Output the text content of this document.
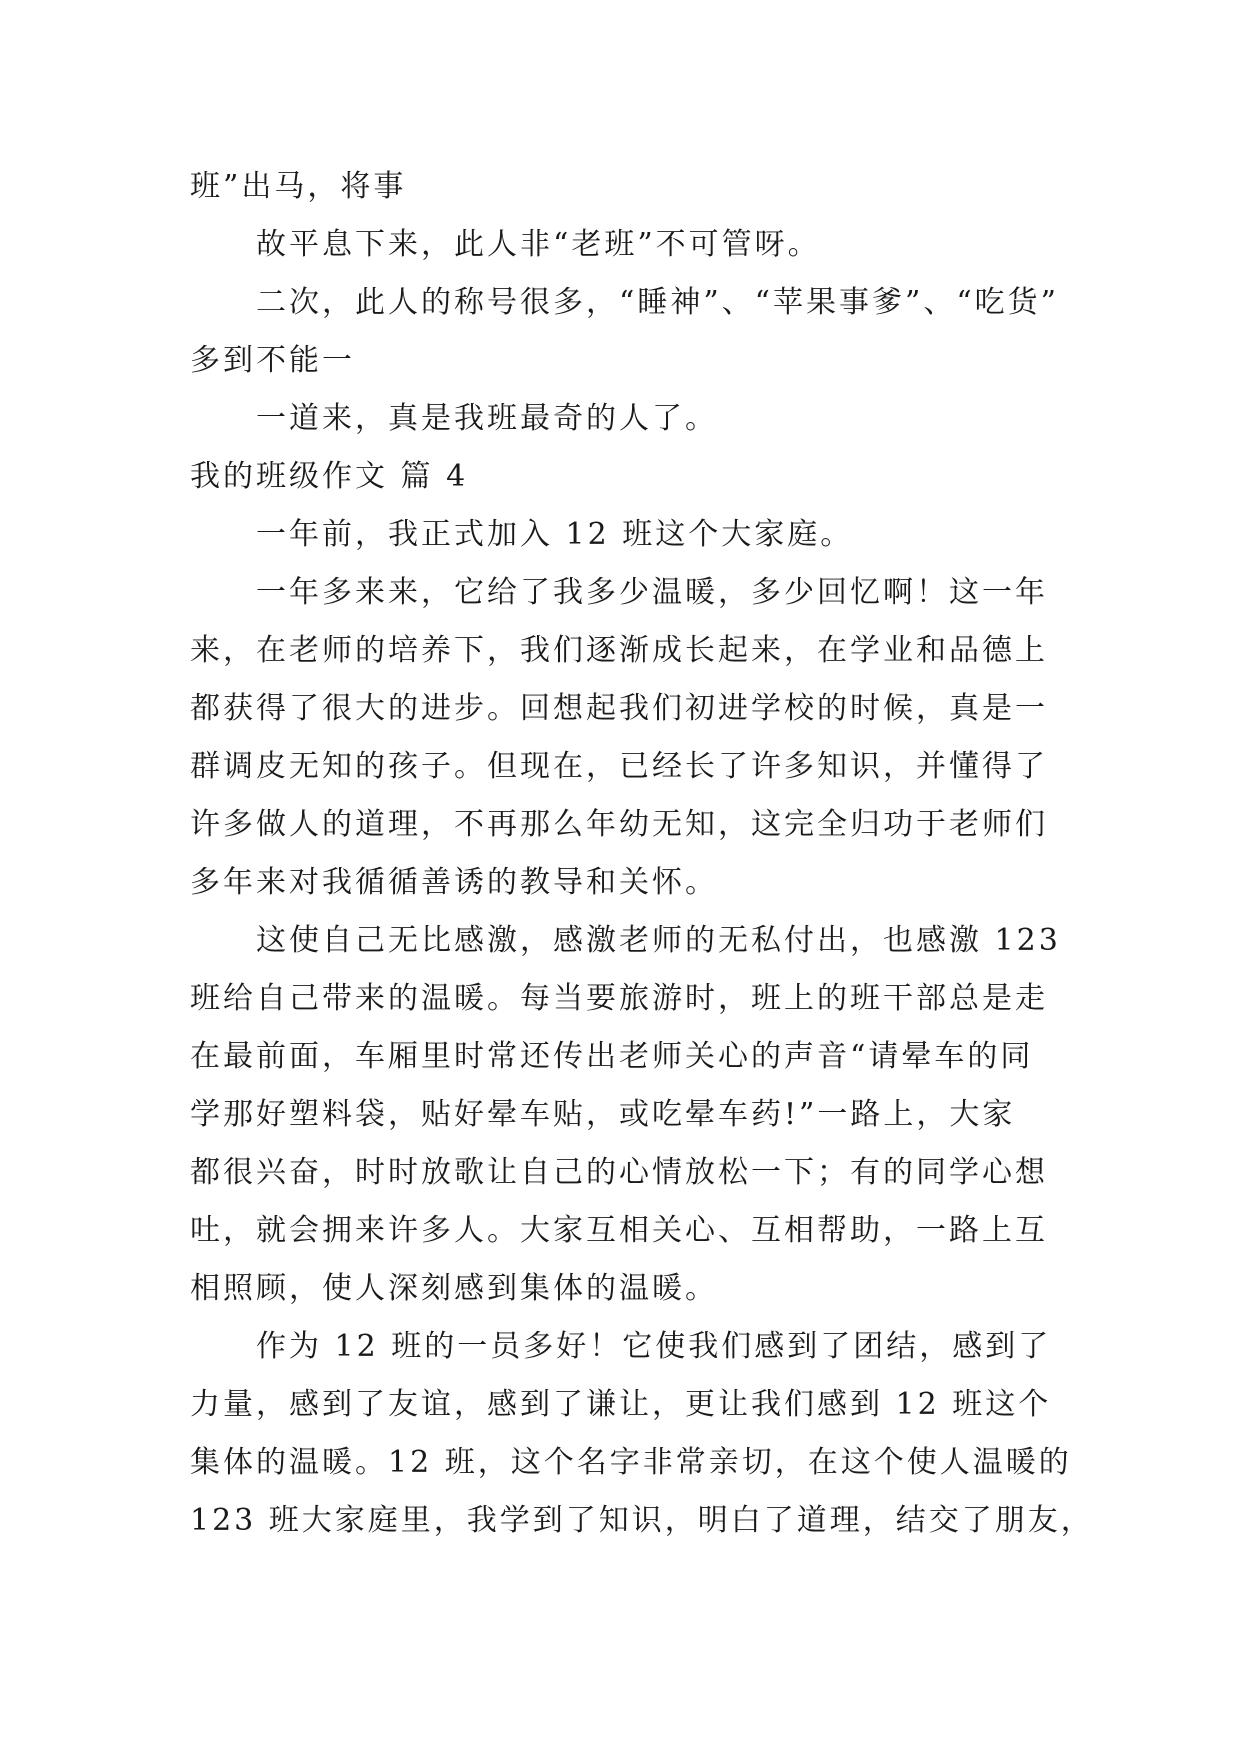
班”出马，将事
故平息下来，此人非“老班”不可管呀。
二次，此人的称号很多，“睡神”、“苹果事爹”、“吃货”
多到不能一
一道来，真是我班最奇的人了。
我的班级作文 篇 4
一年前，我正式加入 12 班这个大家庭。
一年多来来，它给了我多少温暖，多少回忆啊！这一年
来，在老师的培养下，我们逐渐成长起来，在学业和品德上
都获得了很大的进步。回想起我们初进学校的时候，真是一
群调皮无知的孩子。但现在，已经长了许多知识，并懂得了
许多做人的道理，不再那么年幼无知，这完全归功于老师们
多年来对我循循善诱的教导和关怀。
这使自己无比感激，感激老师的无私付出，也感激 123
班给自己带来的温暖。每当要旅游时，班上的班干部总是走
在最前面，车厢里时常还传出老师关心的声音“请晕车的同
学那好塑料袋，贴好晕车贴，或吃晕车药!”一路上，大家
都很兴奋，时时放歌让自己的心情放松一下；有的同学心想
吐，就会拥来许多人。大家互相关心、互相帮助，一路上互
相照顾，使人深刻感到集体的温暖。
作为 12 班的一员多好！它使我们感到了团结，感到了
力量，感到了友谊，感到了谦让，更让我们感到 12 班这个
集体的温暖。12 班，这个名字非常亲切，在这个使人温暖的
123 班大家庭里，我学到了知识，明白了道理，结交了朋友，
